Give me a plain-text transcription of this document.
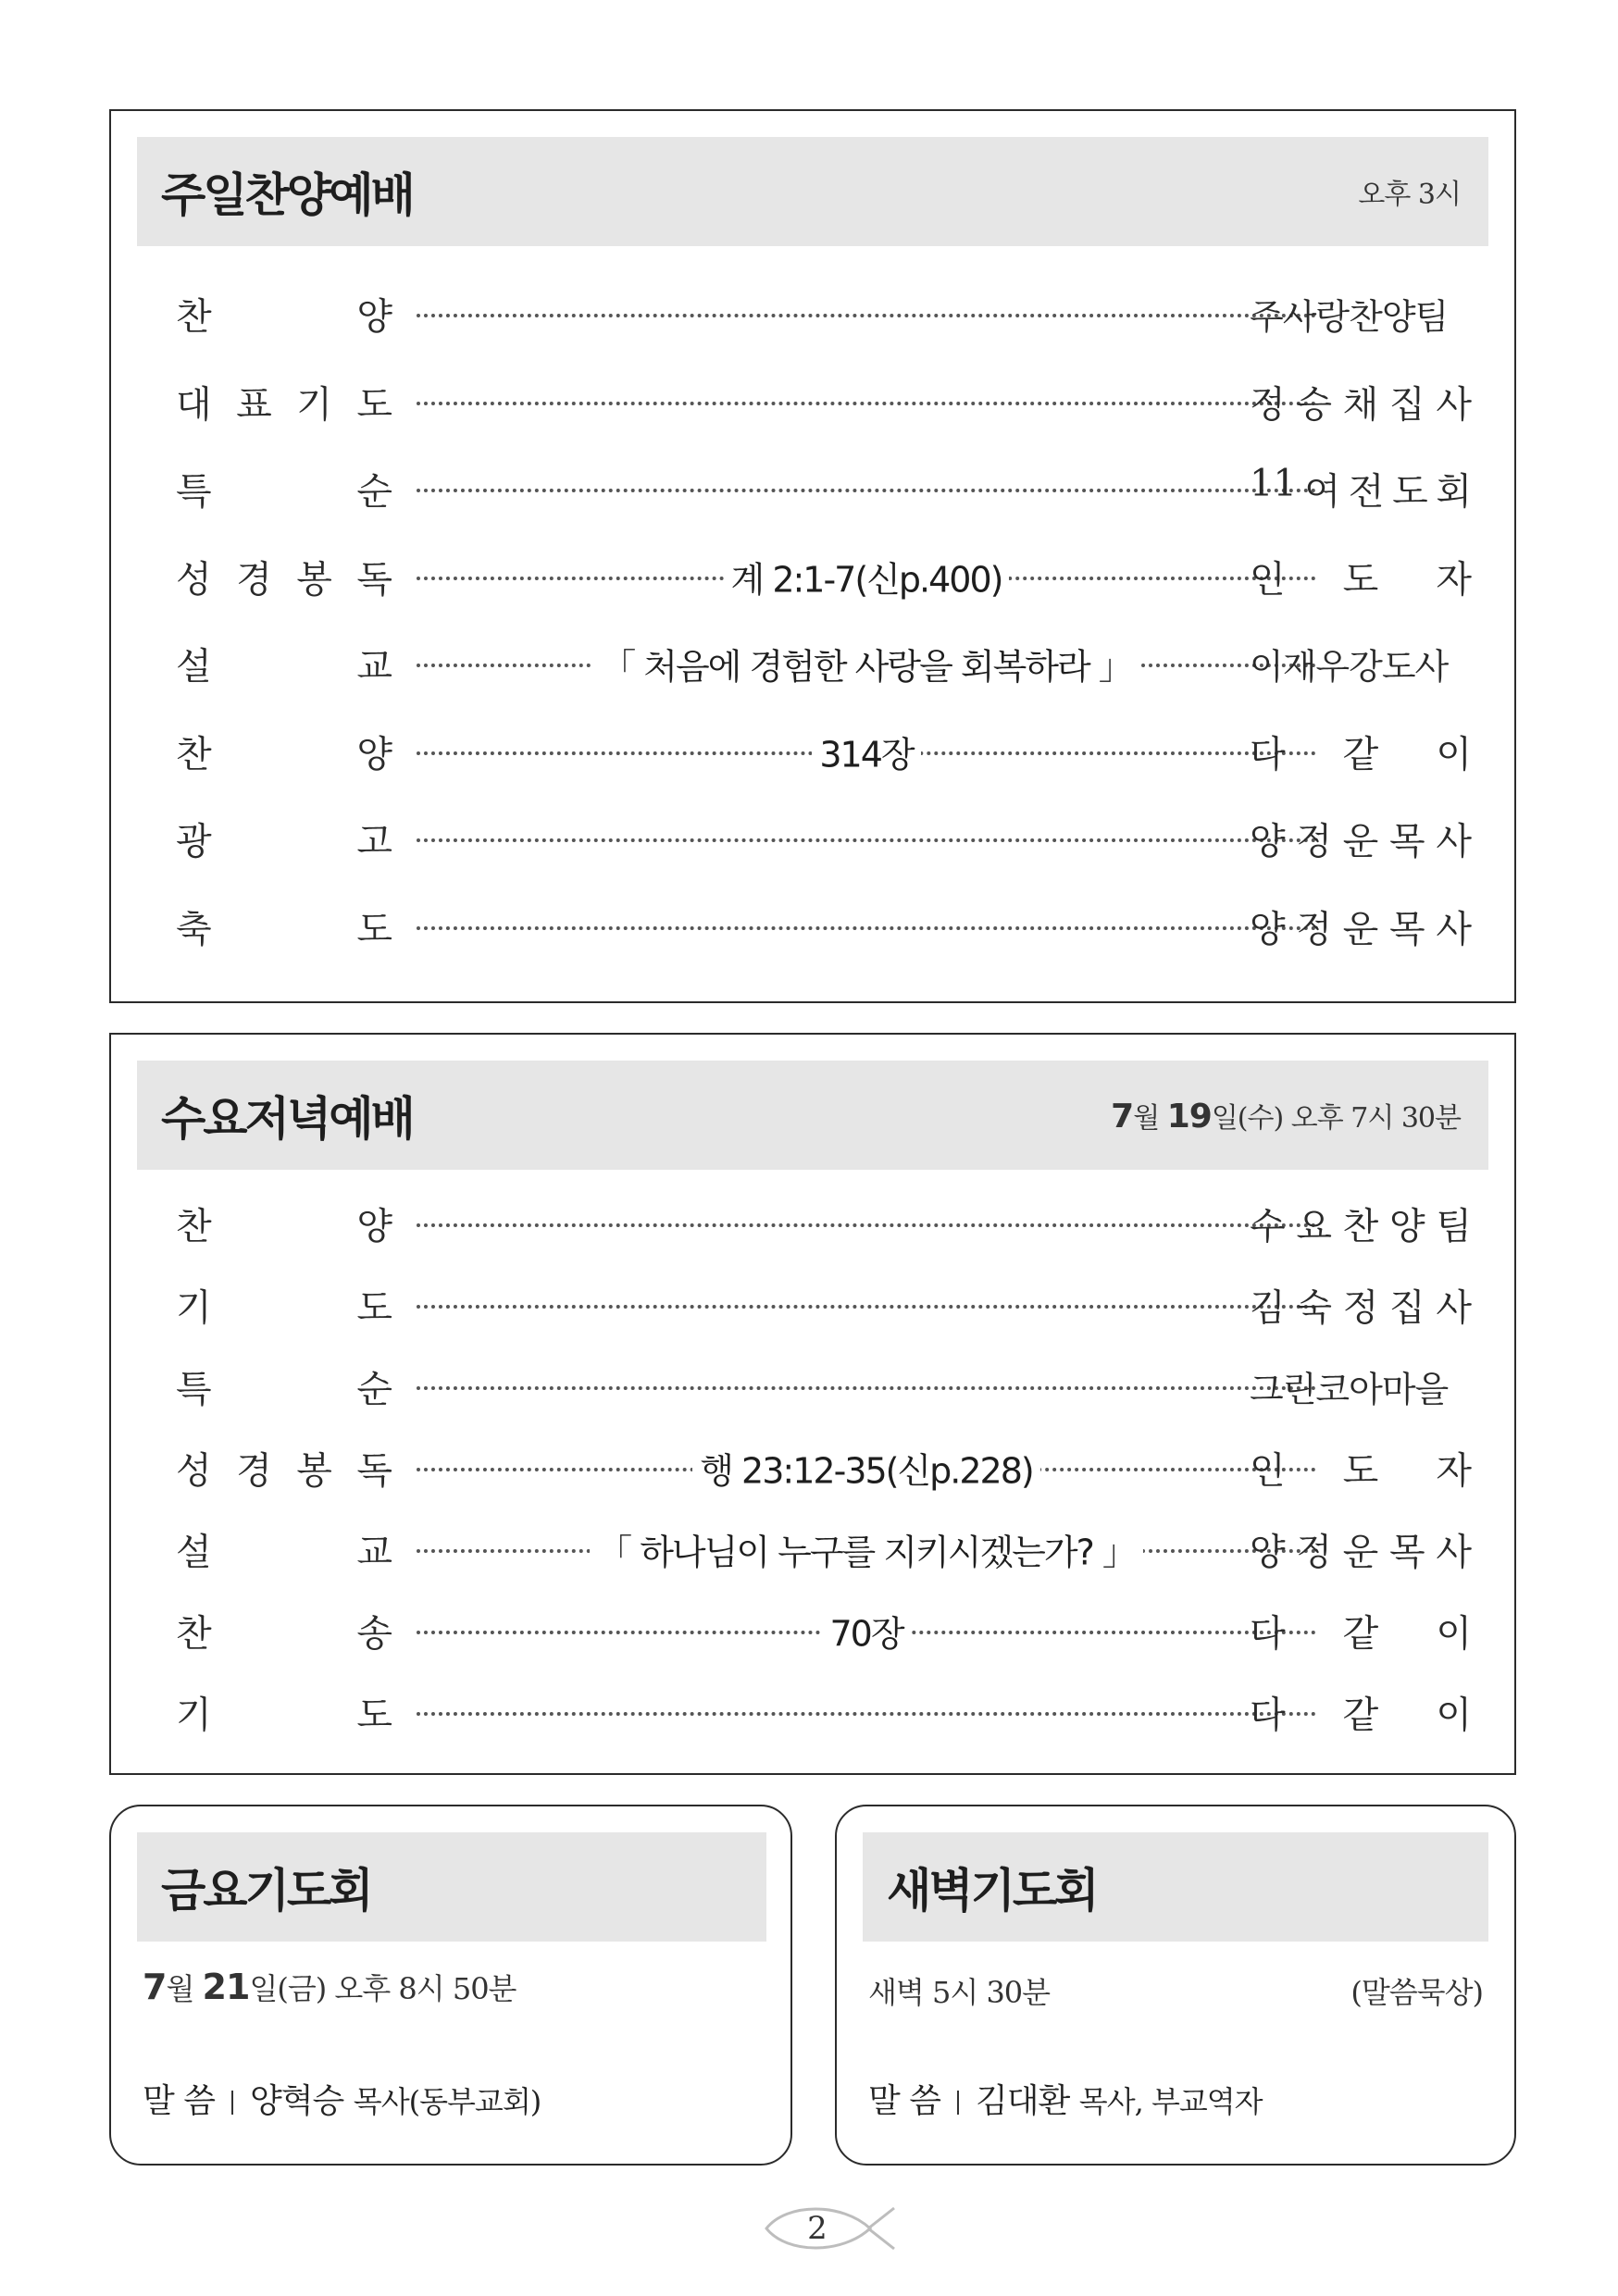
주일찬양예배	오후 3시
찬	양	주사랑찬양팀
대 표 기 도	정 승 채 집 사
특	순	11 여 전 도 회
성 경 봉 독	계 2:1-7(신p.400)	인 도 자
설	교	「 처음에 경험한 사랑을 회복하라 」	이재우강도사
찬	양	314장	다 같 이
광	고	양 정 운 목 사
축	도	양 정 운 목 사
수요저녁예배	7월 19일(수) 오후 7시 30분
찬	양	수 요 찬 양 팀
기	도	김 숙 정 집 사
특	순	그린코아마을
성 경 봉 독	행 23:12-35(신p.228)	인 도 자
설	교	「 하나님이 누구를 지키시겠는가? 」	양 정 운 목 사
찬	송	70장	다 같 이
기	도	다 같 이
금요기도회
7월 21일(금) 오후 8시 50분
말 씀 양혁승 목사(동부교회)
새벽기도회
새벽 5시 30분	(말씀묵상)
말 씀 김대환 목사, 부교역자
2
